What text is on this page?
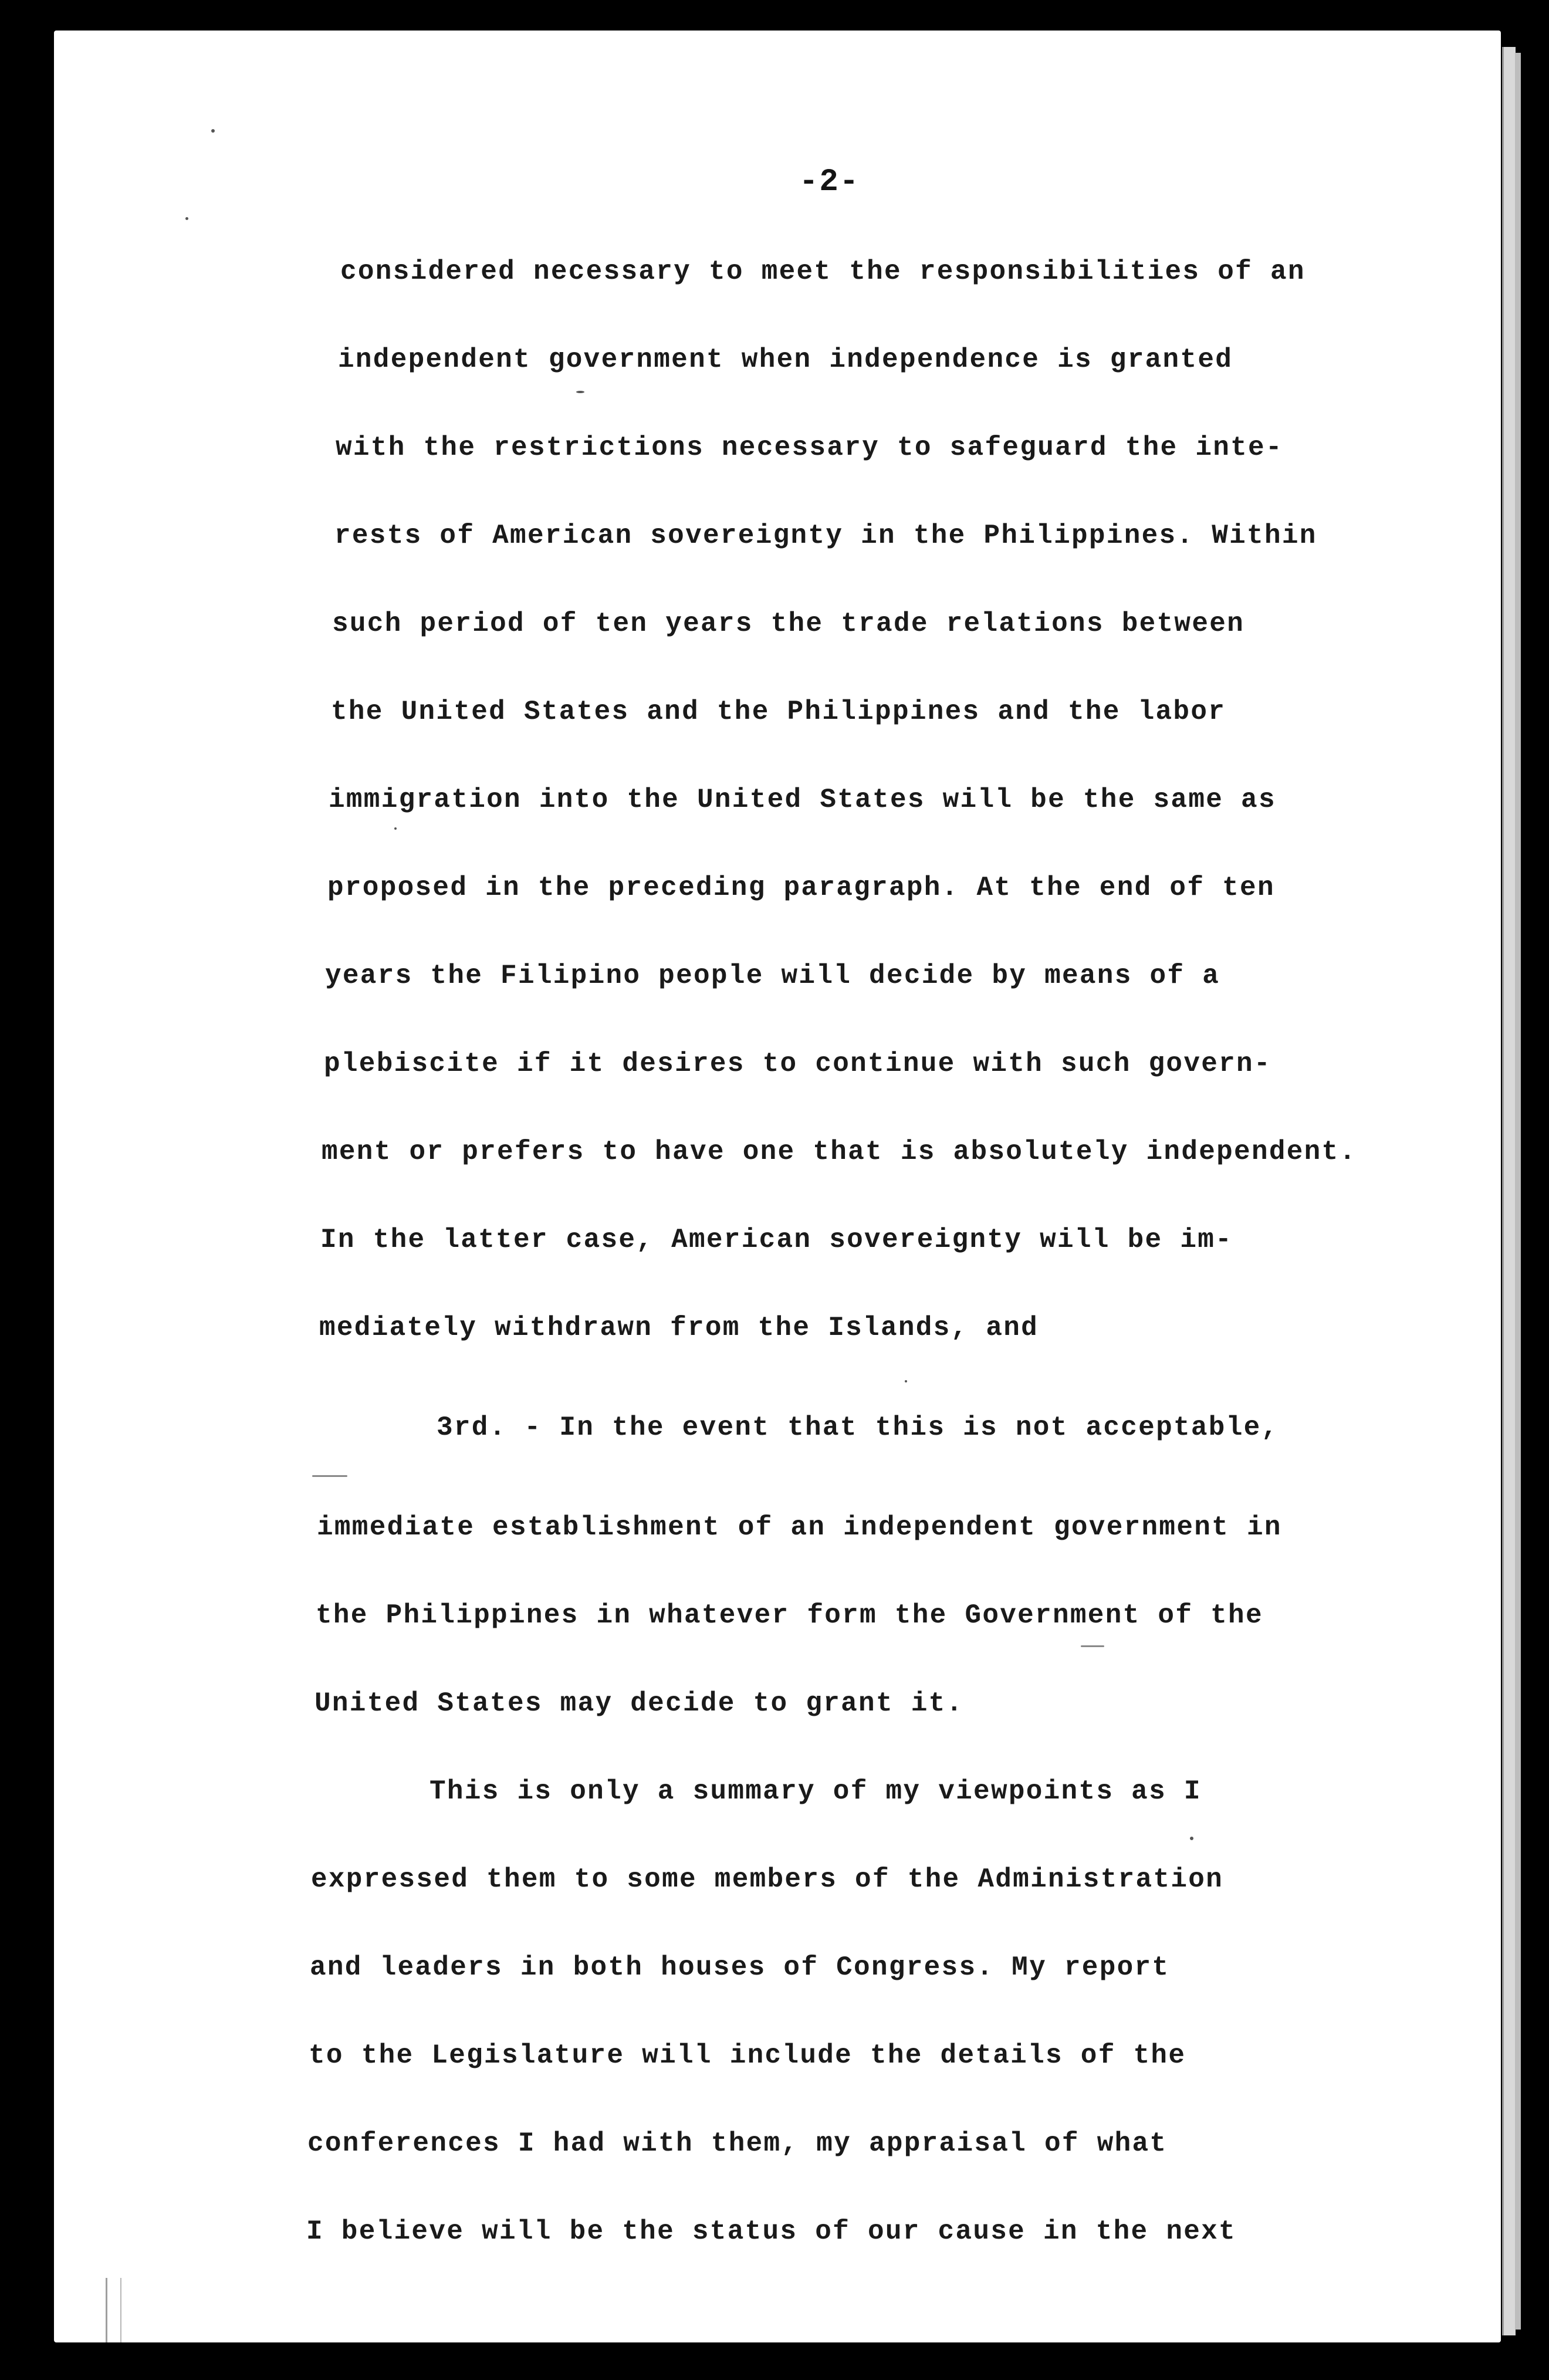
-2-
considered necessary to meet the responsibilities of an
independent government when independence is granted
with the restrictions necessary to safeguard the inte-
rests of American sovereignty in the Philippines. Within
such period of ten years the trade relations between
the United States and the Philippines and the labor
immigration into the United States will be the same as
proposed in the preceding paragraph. At the end of ten
years the Filipino people will decide by means of a
plebiscite if it desires to continue with such govern-
ment or prefers to have one that is absolutely independent.
In the latter case, American sovereignty will be im-
mediately withdrawn from the Islands, and
3rd. - In the event that this is not acceptable,
immediate establishment of an independent government in
the Philippines in whatever form the Government of the
United States may decide to grant it.
This is only a summary of my viewpoints as I
expressed them to some members of the Administration
and leaders in both houses of Congress. My report
to the Legislature will include the details of the
conferences I had with them, my appraisal of what
I believe will be the status of our cause in the next
